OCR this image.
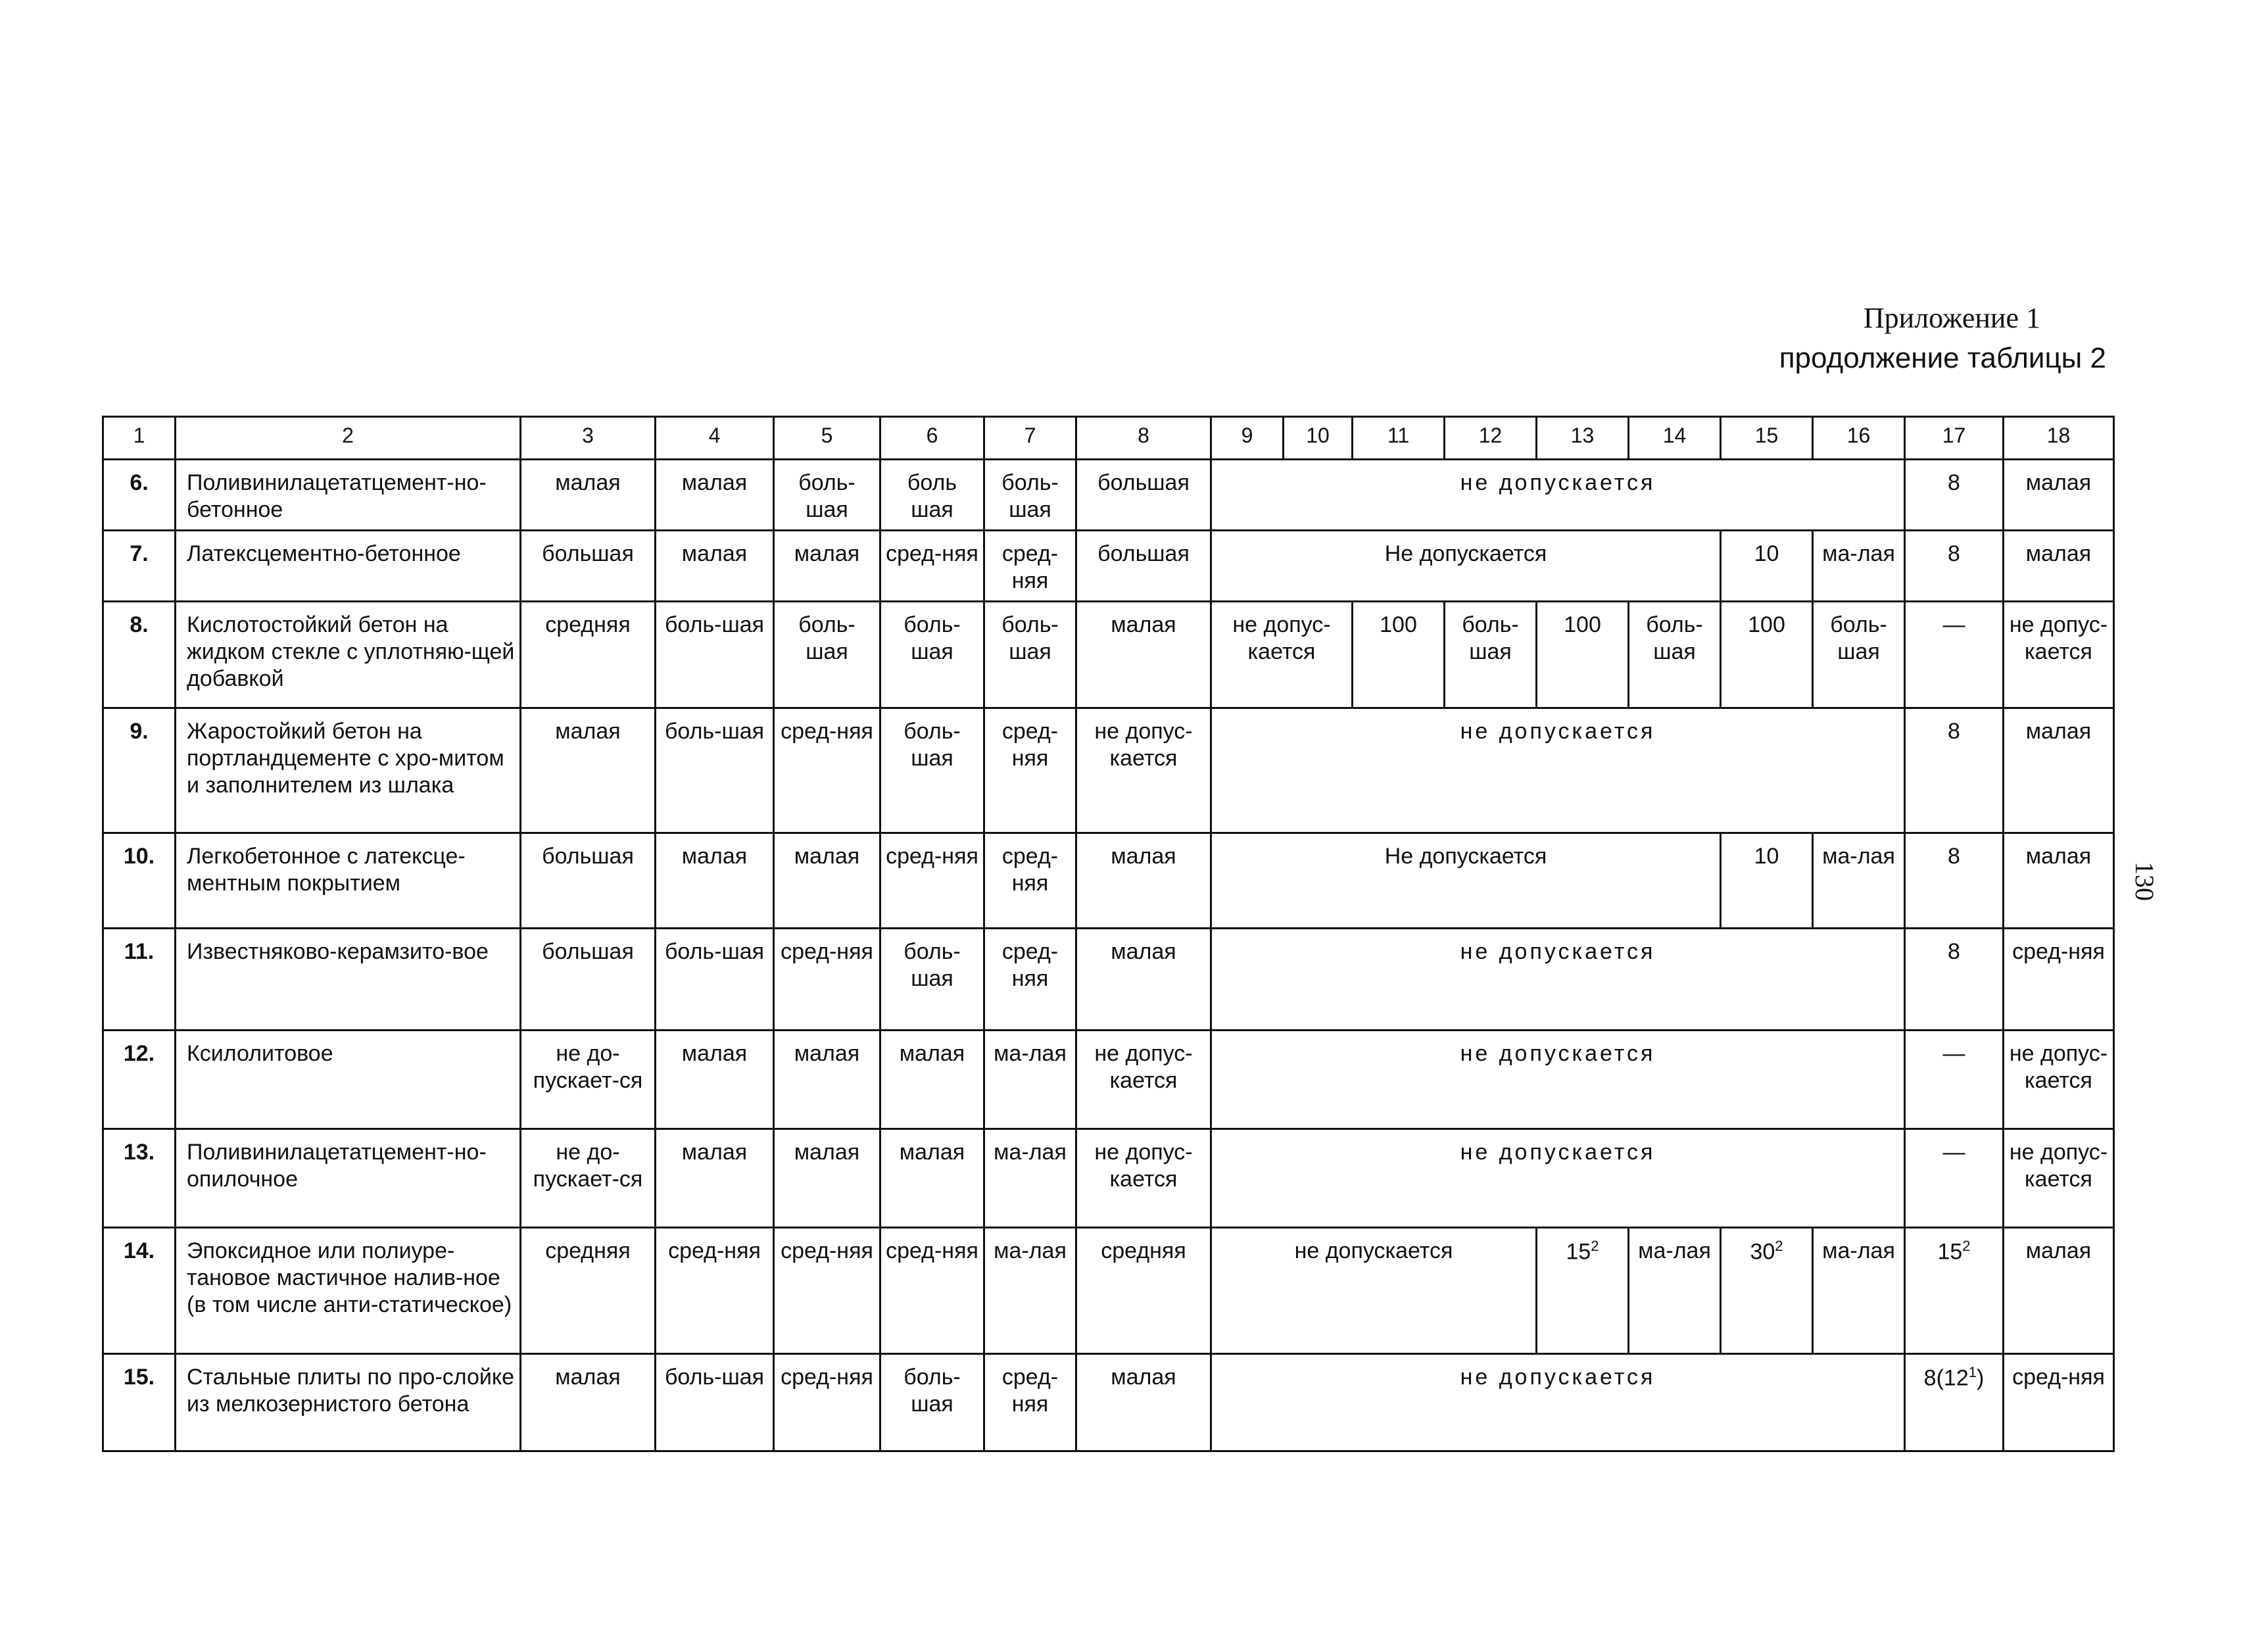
Приложение 1
продолжение таблицы 2
130
1	2	3	4	5	6	7	8	9	10	11	12	13	14	15	16	17	18
6.	Поливинилацетатцемент-но-бетонное	малая	малая	боль-шая	боль шая	боль-шая	большая	не допускается								8	малая
7.	Латексцементно-бетонное	большая	малая	малая	сред-няя	сред-няя	большая	Не допускается						10	ма-лая	8	малая
8.	Кислотостойкий бетон на жидком стекле с уплотняю-щей добавкой	средняя	боль-шая	боль-шая	боль-шая	боль-шая	малая	не допус-кается		100	боль-шая	100	боль-шая	100	боль-шая	—	не допус-кается
9.	Жаростойкий бетон на портландцементе с хро-митом и заполнителем из шлака	малая	боль-шая	сред-няя	боль-шая	сред-няя	не допус-кается	не допускается								8	малая
10.	Легкобетонное с латексце-ментным покрытием	большая	малая	малая	сред-няя	сред-няя	малая	Не допускается						10	ма-лая	8	малая
11.	Известняково-керамзито-вое	большая	боль-шая	сред-няя	боль-шая	сред-няя	малая	не допускается								8	сред-няя
12.	Ксилолитовое	не до-пускает-ся	малая	малая	малая	ма-лая	не допус-кается	не допускается								—	не допус-кается
13.	Поливинилацетатцемент-но-опилочное	не до-пускает-ся	малая	малая	малая	ма-лая	не допус-кается	не допускается								—	не допус-кается
14.	Эпоксидное или полиуре-тановое мастичное налив-ное (в том числе анти-статическое)	средняя	сред-няя	сред-няя	сред-няя	ма-лая	средняя	не допускается				$15^2$	ма-лая	$30^2$	ма-лая	$15^2$	малая
15.	Стальные плиты по про-слойке из мелкозернистого бетона	малая	боль-шая	сред-няя	боль-шая	сред-няя	малая	не допускается								$8(12^1)$	сред-няя
